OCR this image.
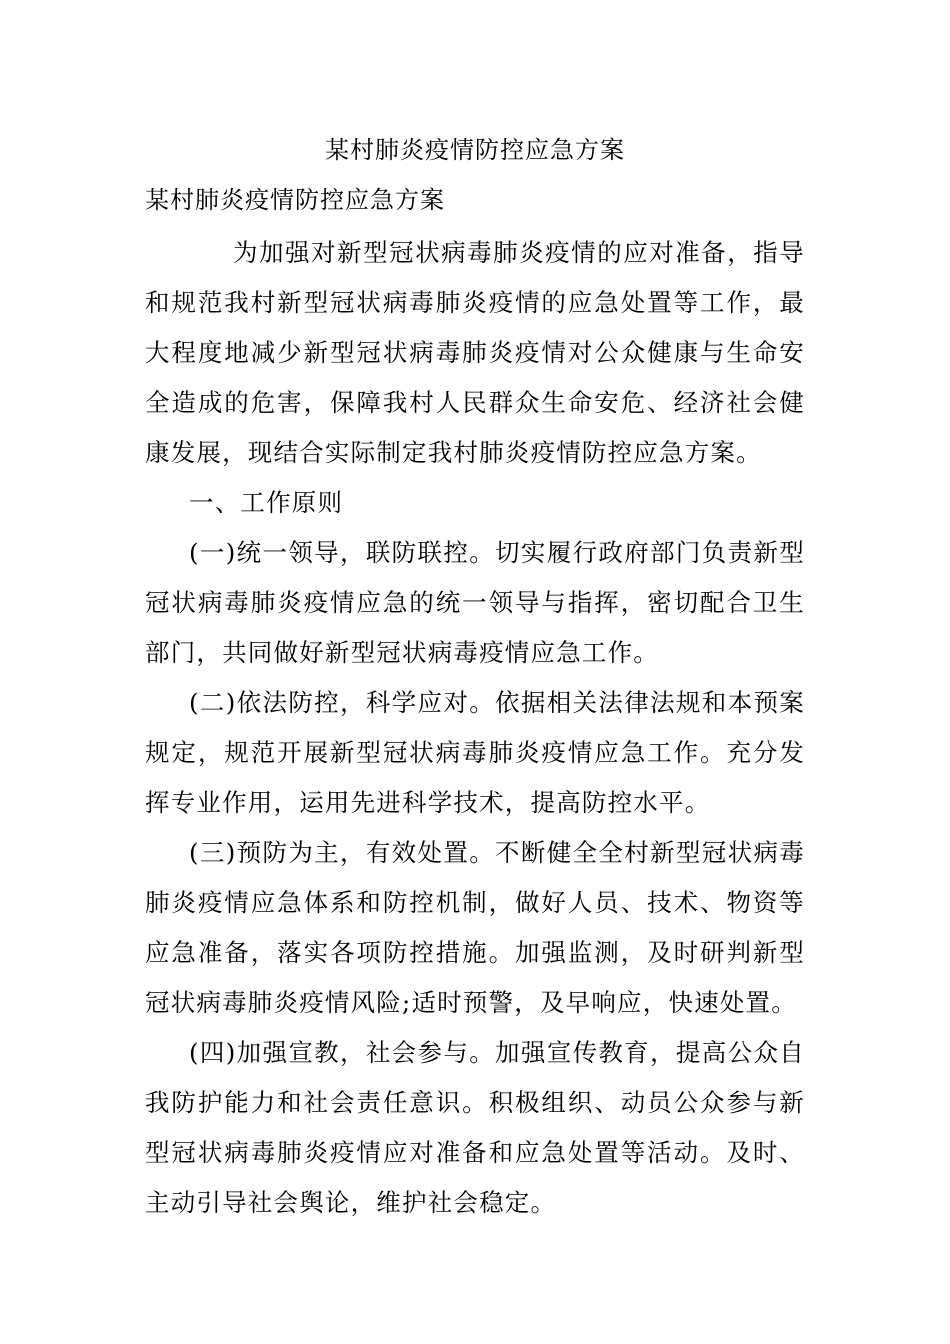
某村肺炎疫情防控应急方案
某村肺炎疫情防控应急方案

为加强对新型冠状病毒肺炎疫情的应对准备，指导和规范我村新型冠状病毒肺炎疫情的应急处置等工作，最大程度地减少新型冠状病毒肺炎疫情对公众健康与生命安全造成的危害，保障我村人民群众生命安危、经济社会健康发展，现结合实际制定我村肺炎疫情防控应急方案。

一、工作原则

(一)统一领导，联防联控。切实履行政府部门负责新型冠状病毒肺炎疫情应急的统一领导与指挥，密切配合卫生部门，共同做好新型冠状病毒疫情应急工作。

(二)依法防控，科学应对。依据相关法律法规和本预案规定，规范开展新型冠状病毒肺炎疫情应急工作。充分发挥专业作用，运用先进科学技术，提高防控水平。

(三)预防为主，有效处置。不断健全全村新型冠状病毒肺炎疫情应急体系和防控机制，做好人员、技术、物资等应急准备，落实各项防控措施。加强监测，及时研判新型冠状病毒肺炎疫情风险;适时预警，及早响应，快速处置。

(四)加强宣教，社会参与。加强宣传教育，提高公众自我防护能力和社会责任意识。积极组织、动员公众参与新型冠状病毒肺炎疫情应对准备和应急处置等活动。及时、主动引导社会舆论，维护社会稳定。
